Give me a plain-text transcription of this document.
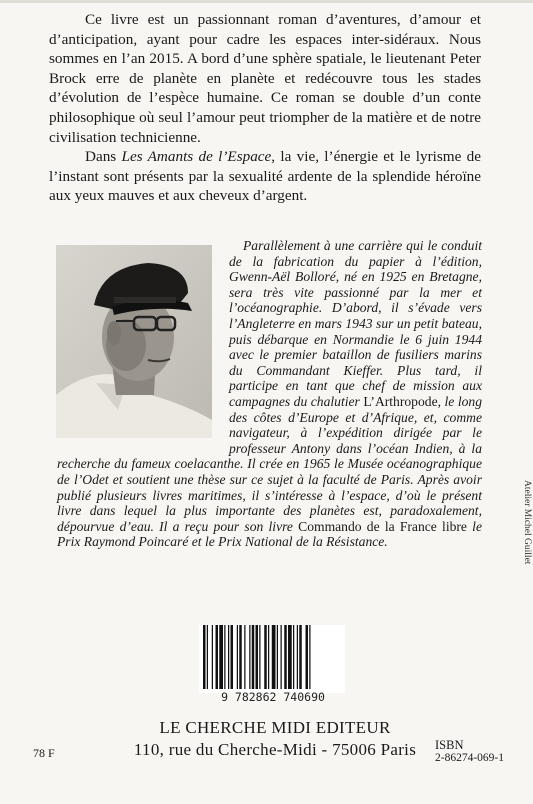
Ce livre est un passionnant roman d’aventures, d’amour et d’anticipation, ayant pour cadre les espaces inter-sidéraux. Nous sommes en l’an 2015. A bord d’une sphère spatiale, le lieutenant Peter Brock erre de planète en planète et redécouvre tous les stades d’évolution de l’espèce humaine. Ce roman se double d’un conte philosophique où seul l’amour peut triompher de la matière et de notre civilisation technicienne.

Dans Les Amants de l’Espace, la vie, l’énergie et le lyrisme de l’instant sont présents par la sexualité ardente de la splendide héroïne aux yeux mauves et aux cheveux d’argent.

Parallèlement à une carrière qui le conduit de la fabrication du papier à l’édition, Gwenn-Aël Bolloré, né en 1925 en Bretagne, sera très vite passionné par la mer et l’océanographie. D’abord, il s’évade vers l’Angleterre en mars 1943 sur un petit bateau, puis débarque en Normandie le 6 juin 1944 avec le premier bataillon de fusiliers marins du Commandant Kieffer. Plus tard, il participe en tant que chef de mission aux campagnes du chalutier L’Arthropode, le long des côtes d’Europe et d’Afrique, et, comme navigateur, à l’expédition dirigée par le professeur Antony dans l’océan Indien, à la recherche du fameux coelacanthe. Il crée en 1965 le Musée océanographique de l’Odet et soutient une thèse sur ce sujet à la faculté de Paris. Après avoir publié plusieurs livres maritimes, il s’intéresse à l’espace, d’où le présent livre dans lequel la plus importante des planètes est, paradoxalement, dépourvue d’eau. Il a reçu pour son livre Commando de la France libre le Prix Raymond Poincaré et le Prix National de la Résistance.	Atelier Michel Guillet
9 782862 740690
LE CHERCHE MIDI EDITEUR
110, rue du Cherche-Midi - 75006 Paris
78 F
ISBN
2-86274-069-1
